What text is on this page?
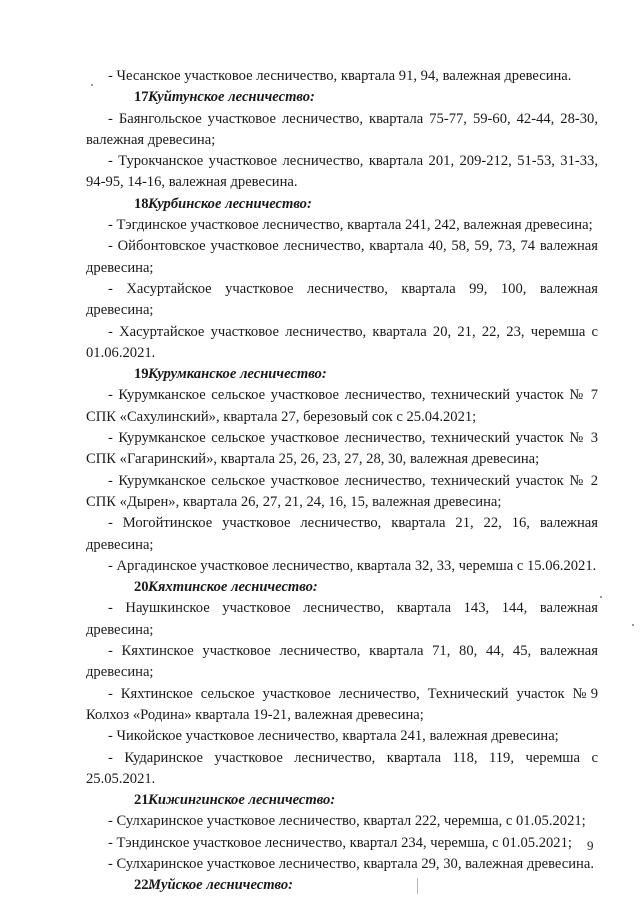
- Чесанское участковое лесничество, квартала 91, 94, валежная древесина.

17.Куйтунское лесничество:

- Баянгольское участковое лесничество, квартала 75-77, 59-60, 42-44, 28-30, валежная древесина;

- Турокчанское участковое лесничество, квартала 201, 209-212, 51-53, 31-33, 94-95, 14-16, валежная древесина.

18.Курбинское лесничество:

- Тэгдинское участковое лесничество, квартала 241, 242, валежная древесина;

- Ойбонтовское участковое лесничество, квартала 40, 58, 59, 73, 74 валежная древесина;

- Хасуртайское участковое лесничество, квартала 99, 100, валежная древесина;

- Хасуртайское участковое лесничество, квартала 20, 21, 22, 23, черемша с 01.06.2021.

19.Курумканское лесничество:

- Курумканское сельское участковое лесничество, технический участок № 7 СПК «Сахулинский», квартала 27, березовый сок с 25.04.2021;

- Курумканское сельское участковое лесничество, технический участок № 3 СПК «Гагаринский», квартала 25, 26, 23, 27, 28, 30, валежная древесина;

- Курумканское сельское участковое лесничество, технический участок № 2 СПК «Дырен», квартала 26, 27, 21, 24, 16, 15, валежная древесина;

- Могойтинское участковое лесничество, квартала 21, 22, 16, валежная древесина;

- Аргадинское участковое лесничество, квартала 32, 33, черемша с 15.06.2021.

20.Кяхтинское лесничество:

- Наушкинское участковое лесничество, квартала 143, 144, валежная древесина;

- Кяхтинское участковое лесничество, квартала 71, 80, 44, 45, валежная древесина;

- Кяхтинское сельское участковое лесничество, Технический участок №9 Колхоз «Родина» квартала 19-21, валежная древесина;

- Чикойское участковое лесничество, квартала 241, валежная древесина;

- Кударинское участковое лесничество, квартала 118, 119, черемша с 25.05.2021.

21.Кижингинское лесничество:

- Сулхаринское участковое лесничество, квартал 222, черемша, с 01.05.2021;

- Тэндинское участковое лесничество, квартал 234, черемша, с 01.05.2021;

- Сулхаринское участковое лесничество, квартала 29, 30, валежная древесина.

22.Муйское лесничество:

9
